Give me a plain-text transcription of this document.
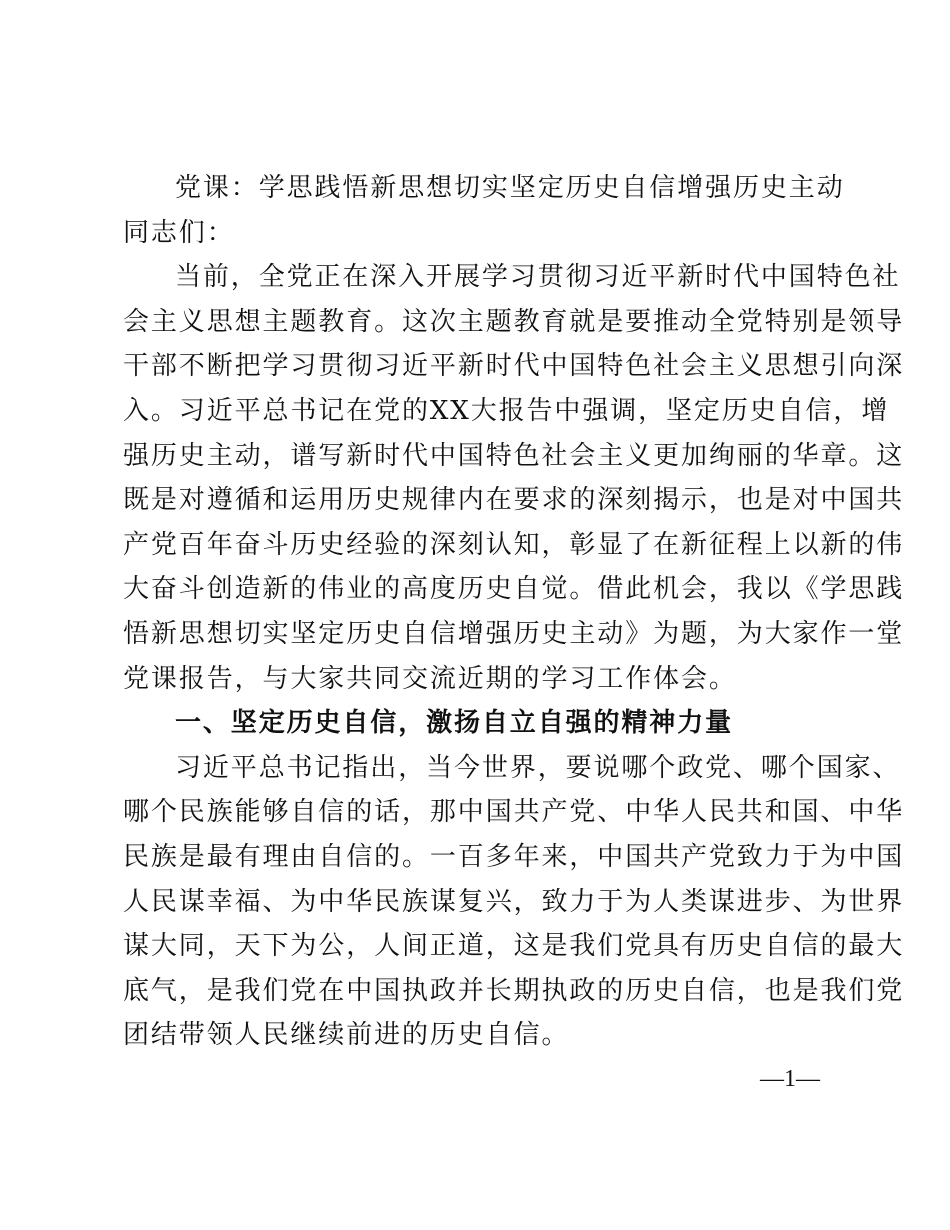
党课：学思践悟新思想切实坚定历史自信增强历史主动
同志们：
当前，全党正在深入开展学习贯彻习近平新时代中国特色社
会主义思想主题教育。这次主题教育就是要推动全党特别是领导
干部不断把学习贯彻习近平新时代中国特色社会主义思想引向深
入。习近平总书记在党的XX大报告中强调，坚定历史自信，增
强历史主动，谱写新时代中国特色社会主义更加绚丽的华章。这
既是对遵循和运用历史规律内在要求的深刻揭示，也是对中国共
产党百年奋斗历史经验的深刻认知，彰显了在新征程上以新的伟
大奋斗创造新的伟业的高度历史自觉。借此机会，我以《学思践
悟新思想切实坚定历史自信增强历史主动》为题，为大家作一堂
党课报告，与大家共同交流近期的学习工作体会。
一、坚定历史自信，激扬自立自强的精神力量
习近平总书记指出，当今世界，要说哪个政党、哪个国家、
哪个民族能够自信的话，那中国共产党、中华人民共和国、中华
民族是最有理由自信的。一百多年来，中国共产党致力于为中国
人民谋幸福、为中华民族谋复兴，致力于为人类谋进步、为世界
谋大同，天下为公，人间正道，这是我们党具有历史自信的最大
底气，是我们党在中国执政并长期执政的历史自信，也是我们党
团结带领人民继续前进的历史自信。
—1—
